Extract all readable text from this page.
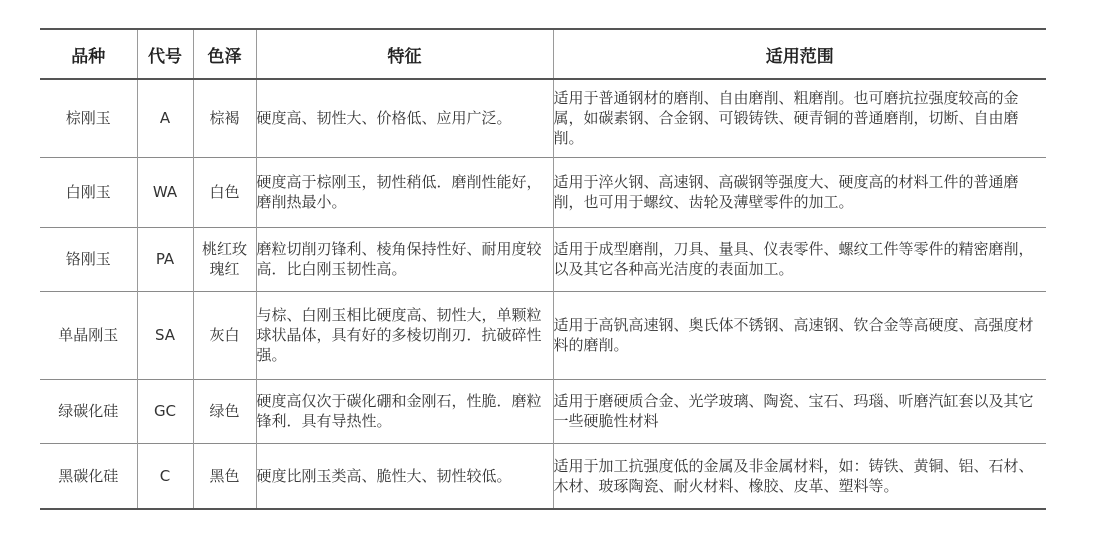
品种	代号	色泽	特征	适用范围
棕刚玉	A	棕褐	硬度高、韧性大、价格低、应用广泛。	适用于普通钢材的磨削、自由磨削、粗磨削。也可磨抗拉强度较高的金属，如碳素钢、合金钢、可锻铸铁、硬青铜的普通磨削，切断、自由磨削。
白刚玉	WA	白色	硬度高于棕刚玉，韧性稍低．磨削性能好，磨削热最小。	适用于淬火钢、高速钢、高碳钢等强度大、硬度高的材料工件的普通磨削，也可用于螺纹、齿轮及薄壁零件的加工。
铬刚玉	PA	桃红玫瑰红	磨粒切削刃锋利、棱角保持性好、耐用度较高．比白刚玉韧性高。	适用于成型磨削，刀具、量具、仪表零件、螺纹工件等零件的精密磨削，以及其它各种高光洁度的表面加工。
单晶刚玉	SA	灰白	与棕、白刚玉相比硬度高、韧性大，单颗粒球状晶体，具有好的多棱切削刃．抗破碎性强。	适用于高钒高速钢、奥氏体不锈钢、高速钢、钦合金等高硬度、高强度材料的磨削。
绿碳化硅	GC	绿色	硬度高仅次于碳化硼和金刚石，性脆．磨粒锋利．具有导热性。	适用于磨硬质合金、光学玻璃、陶瓷、宝石、玛瑙、听磨汽缸套以及其它一些硬脆性材料
黑碳化硅	C	黑色	硬度比刚玉类高、脆性大、韧性较低。	适用于加工抗强度低的金属及非金属材料，如：铸铁、黄铜、铝、石材、木材、玻琢陶瓷、耐火材料、橡胶、皮革、塑料等。
